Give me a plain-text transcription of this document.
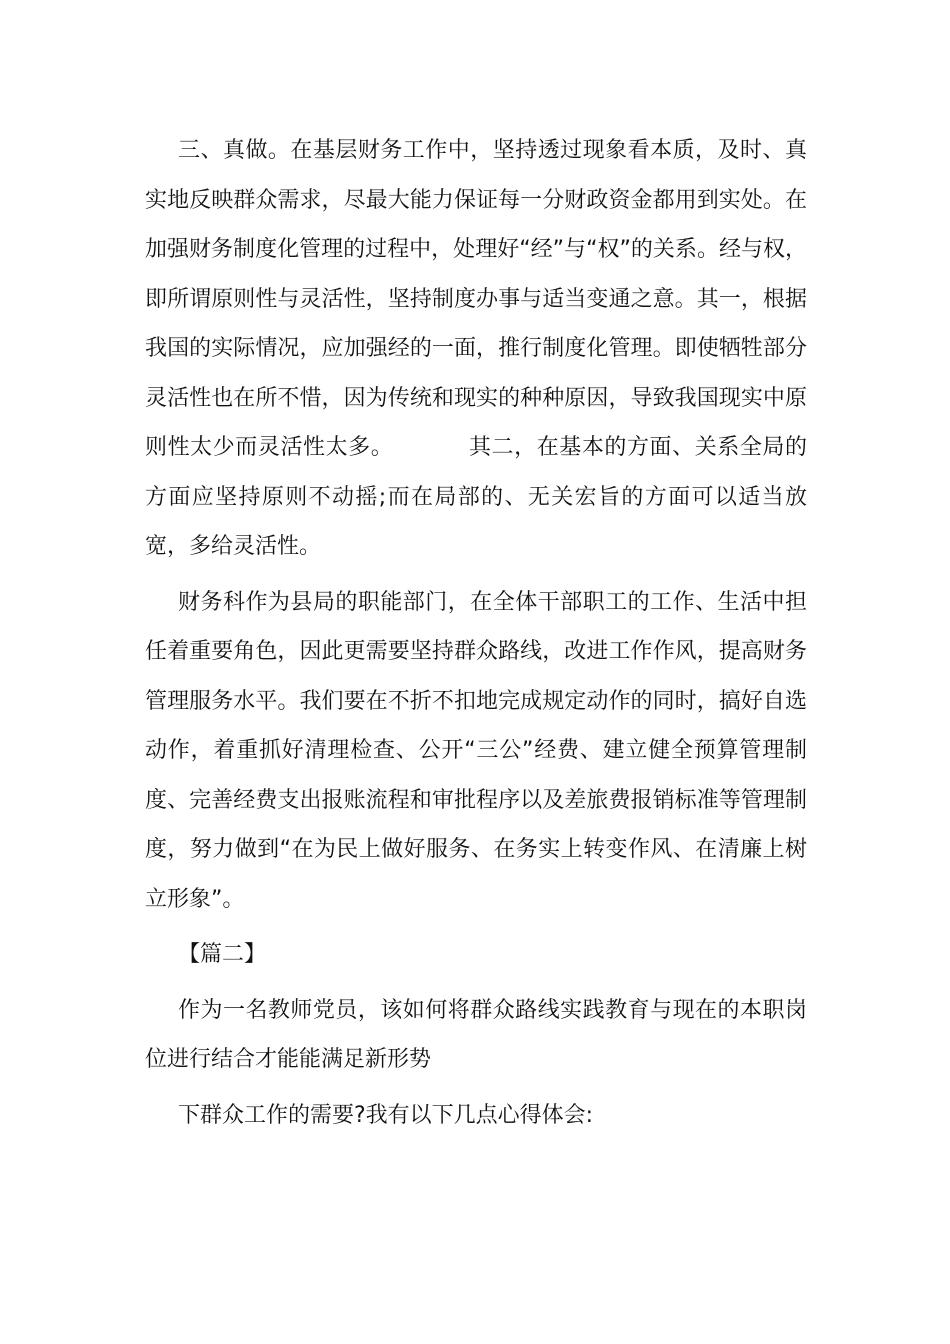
三、真做。在基层财务工作中，坚持透过现象看本质，及时、真实地反映群众需求，尽最大能力保证每一分财政资金都用到实处。在加强财务制度化管理的过程中，处理好“经”与“权”的关系。经与权，即所谓原则性与灵活性，坚持制度办事与适当变通之意。其一，根据我国的实际情况，应加强经的一面，推行制度化管理。即使牺牲部分灵活性也在所不惜，因为传统和现实的种种原因，导致我国现实中原则性太少而灵活性太多。          其二，在基本的方面、关系全局的方面应坚持原则不动摇;而在局部的、无关宏旨的方面可以适当放宽，多给灵活性。

财务科作为县局的职能部门，在全体干部职工的工作、生活中担任着重要角色，因此更需要坚持群众路线，改进工作作风，提高财务管理服务水平。我们要在不折不扣地完成规定动作的同时，搞好自选动作，着重抓好清理检查、公开“三公”经费、建立健全预算管理制度、完善经费支出报账流程和审批程序以及差旅费报销标准等管理制度，努力做到“在为民上做好服务、在务实上转变作风、在清廉上树立形象”。

【篇二】

作为一名教师党员，该如何将群众路线实践教育与现在的本职岗位进行结合才能能满足新形势

下群众工作的需要?我有以下几点心得体会:
